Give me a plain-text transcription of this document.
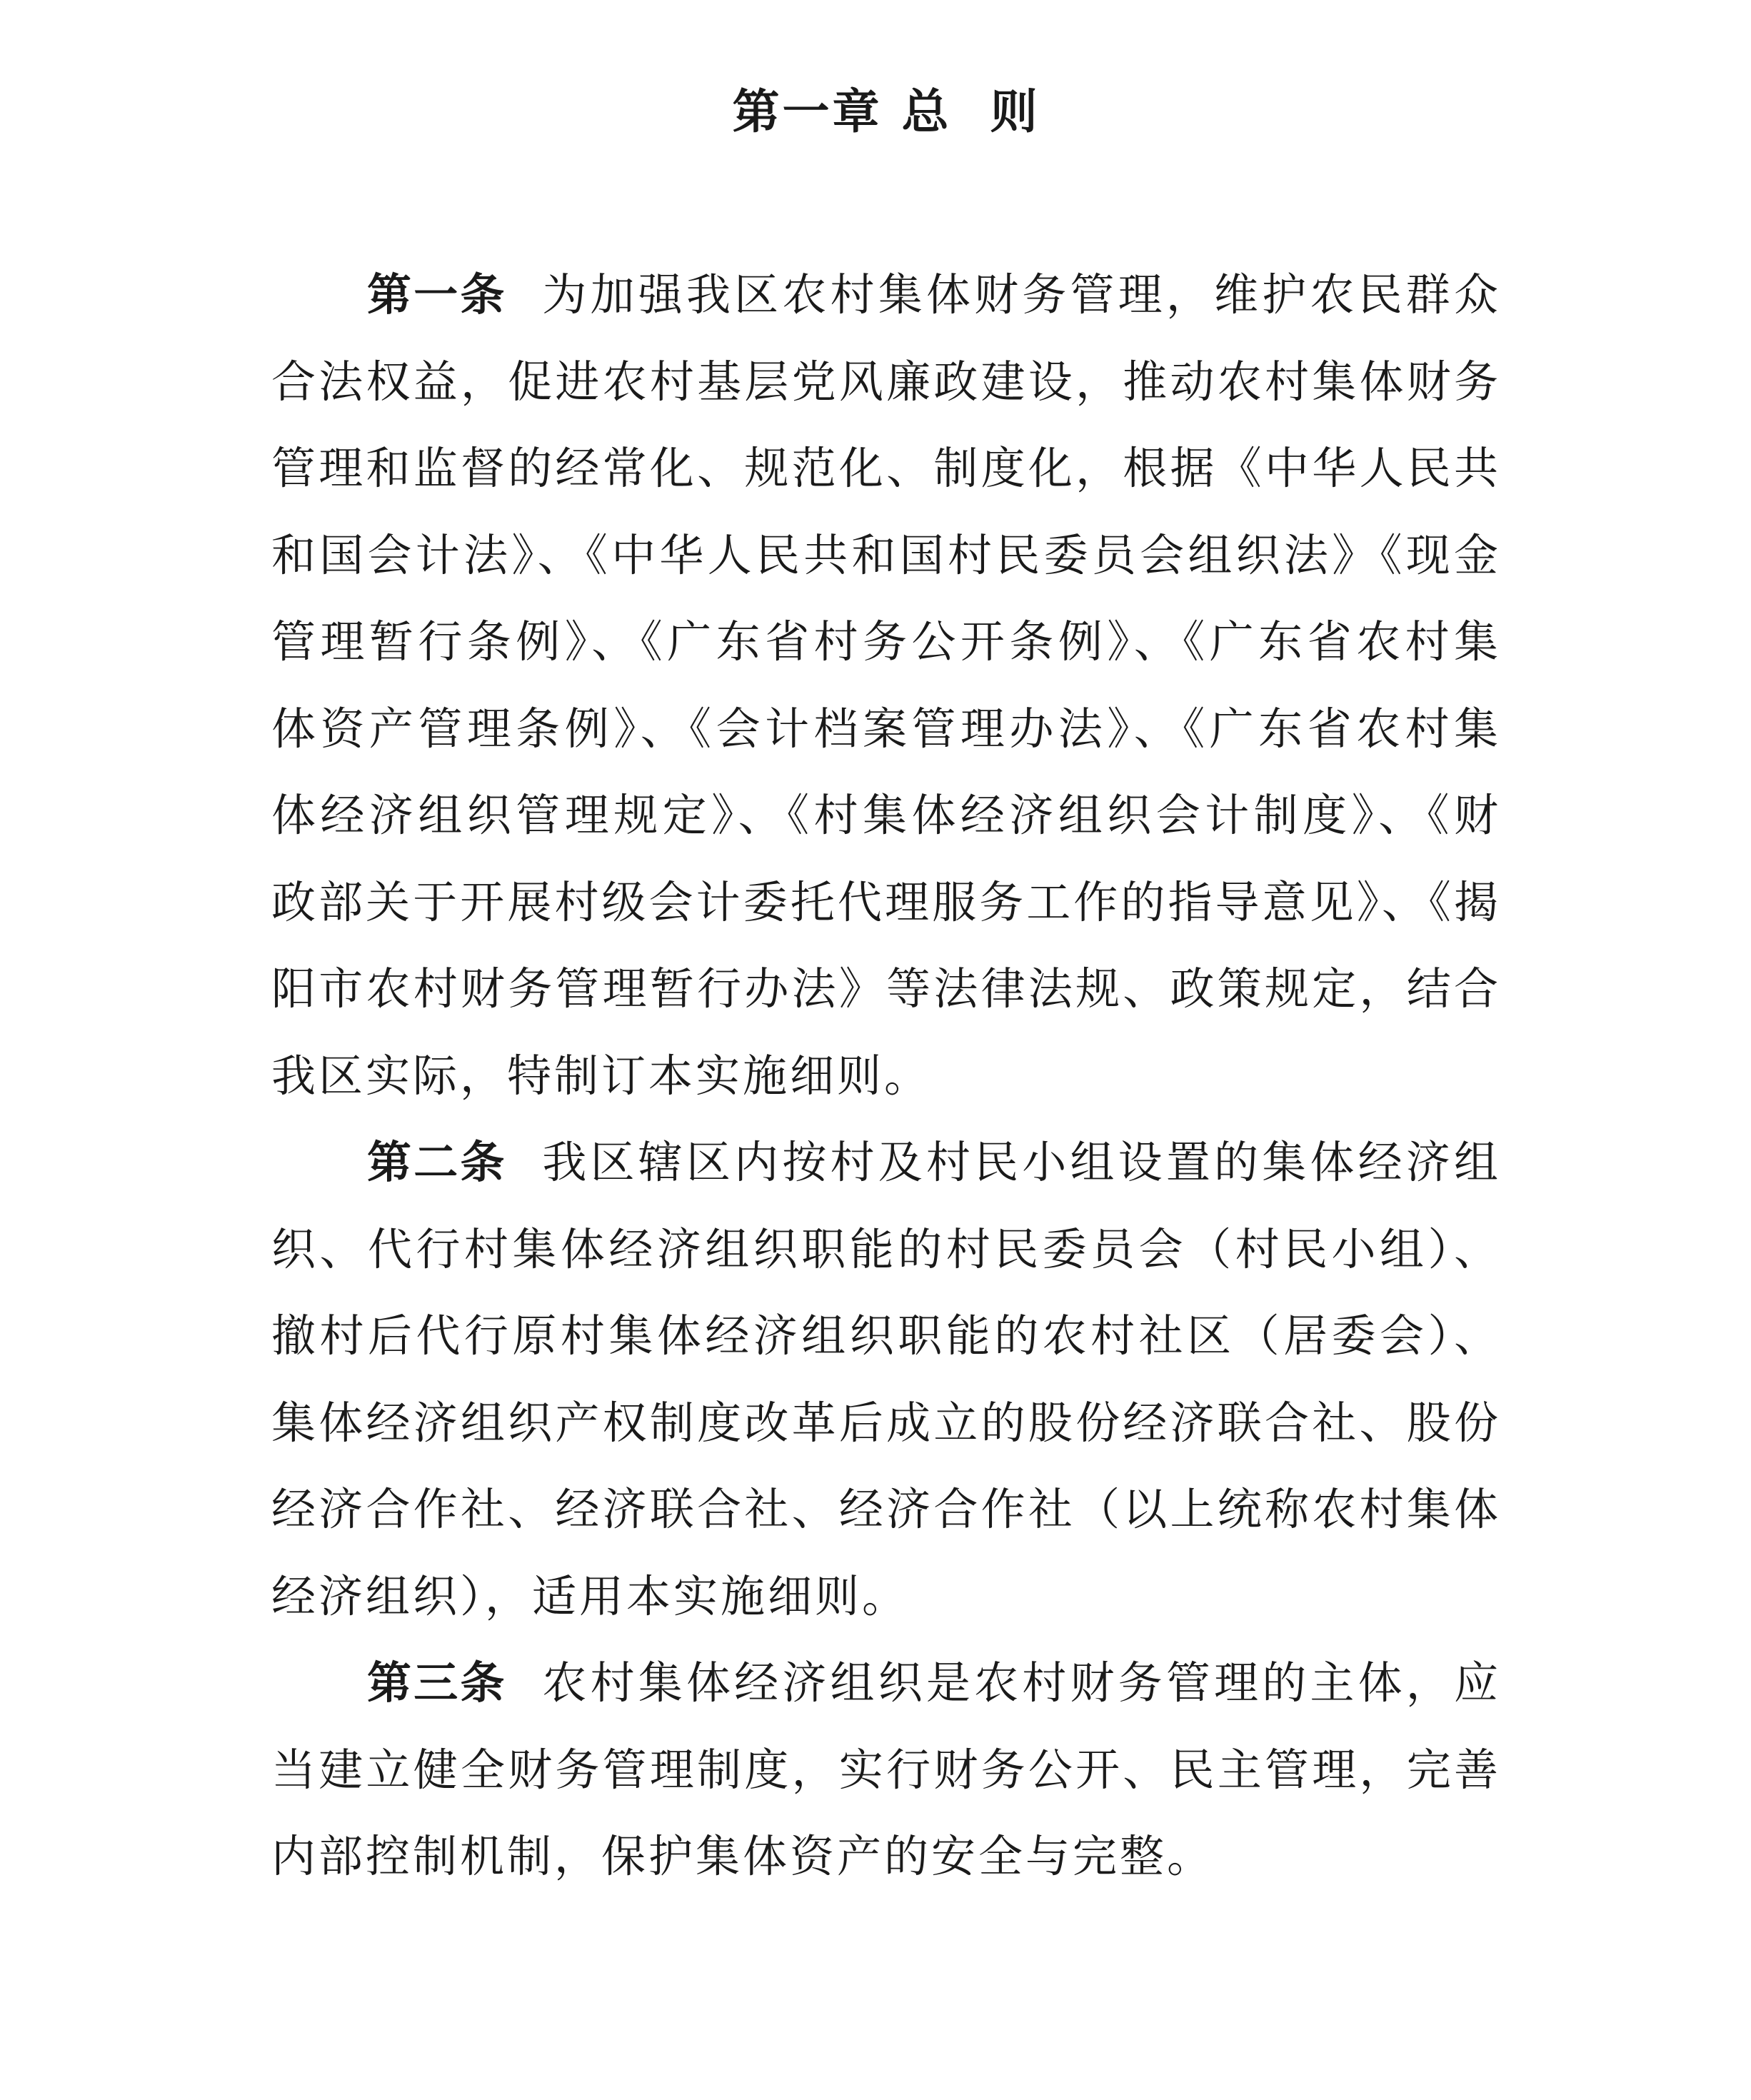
第一章 总  则

第一条 为加强我区农村集体财务管理，维护农民群众合法权益，促进农村基层党风廉政建设，推动农村集体财务管理和监督的经常化、规范化、制度化，根据《中华人民共和国会计法》、《中华人民共和国村民委员会组织法》《现金管理暂行条例》、《广东省村务公开条例》、《广东省农村集体资产管理条例》、《会计档案管理办法》、《广东省农村集体经济组织管理规定》、《村集体经济组织会计制度》、《财政部关于开展村级会计委托代理服务工作的指导意见》、《揭阳市农村财务管理暂行办法》等法律法规、政策规定，结合我区实际，特制订本实施细则。

第二条 我区辖区内按村及村民小组设置的集体经济组织、代行村集体经济组织职能的村民委员会（村民小组）、撤村后代行原村集体经济组织职能的农村社区（居委会）、集体经济组织产权制度改革后成立的股份经济联合社、股份经济合作社、经济联合社、经济合作社（以上统称农村集体经济组织），适用本实施细则。

第三条 农村集体经济组织是农村财务管理的主体，应当建立健全财务管理制度，实行财务公开、民主管理，完善内部控制机制，保护集体资产的安全与完整。
